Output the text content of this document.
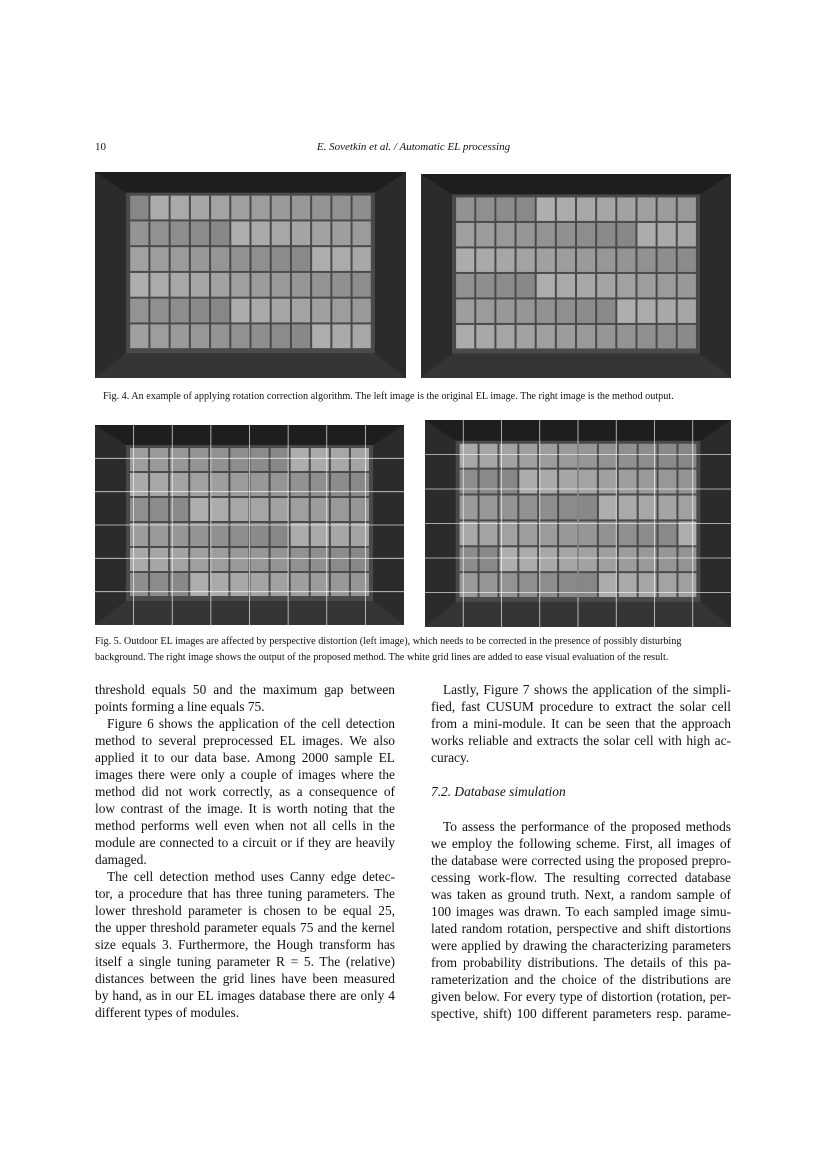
10	E. Sovetkin et al. / Automatic EL processing
Fig. 4. An example of applying rotation correction algorithm. The left image is the original EL image. The right image is the method output.
Fig. 5. Outdoor EL images are affected by perspective distortion (left image), which needs to be corrected in the presence of possibly disturbing
background. The right image shows the output of the proposed method. The white grid lines are added to ease visual evaluation of the result.
threshold equals 50 and the maximum gap between
points forming a line equals 75.
Figure 6 shows the application of the cell detection
method to several preprocessed EL images. We also
applied it to our data base. Among 2000 sample EL
images there were only a couple of images where the
method did not work correctly, as a consequence of
low contrast of the image. It is worth noting that the
method performs well even when not all cells in the
module are connected to a circuit or if they are heavily
damaged.
The cell detection method uses Canny edge detec-
tor, a procedure that has three tuning parameters. The
lower threshold parameter is chosen to be equal 25,
the upper threshold parameter equals 75 and the kernel
size equals 3. Furthermore, the Hough transform has
itself a single tuning parameter R = 5. The (relative)
distances between the grid lines have been measured
by hand, as in our EL images database there are only 4
different types of modules.
Lastly, Figure 7 shows the application of the simpli-
fied, fast CUSUM procedure to extract the solar cell
from a mini-module. It can be seen that the approach
works reliable and extracts the solar cell with high ac-
curacy.
7.2. Database simulation
To assess the performance of the proposed methods
we employ the following scheme. First, all images of
the database were corrected using the proposed prepro-
cessing work-flow. The resulting corrected database
was taken as ground truth. Next, a random sample of
100 images was drawn. To each sampled image simu-
lated random rotation, perspective and shift distortions
were applied by drawing the characterizing parameters
from probability distributions. The details of this pa-
rameterization and the choice of the distributions are
given below. For every type of distortion (rotation, per-
spective, shift) 100 different parameters resp. parame-
